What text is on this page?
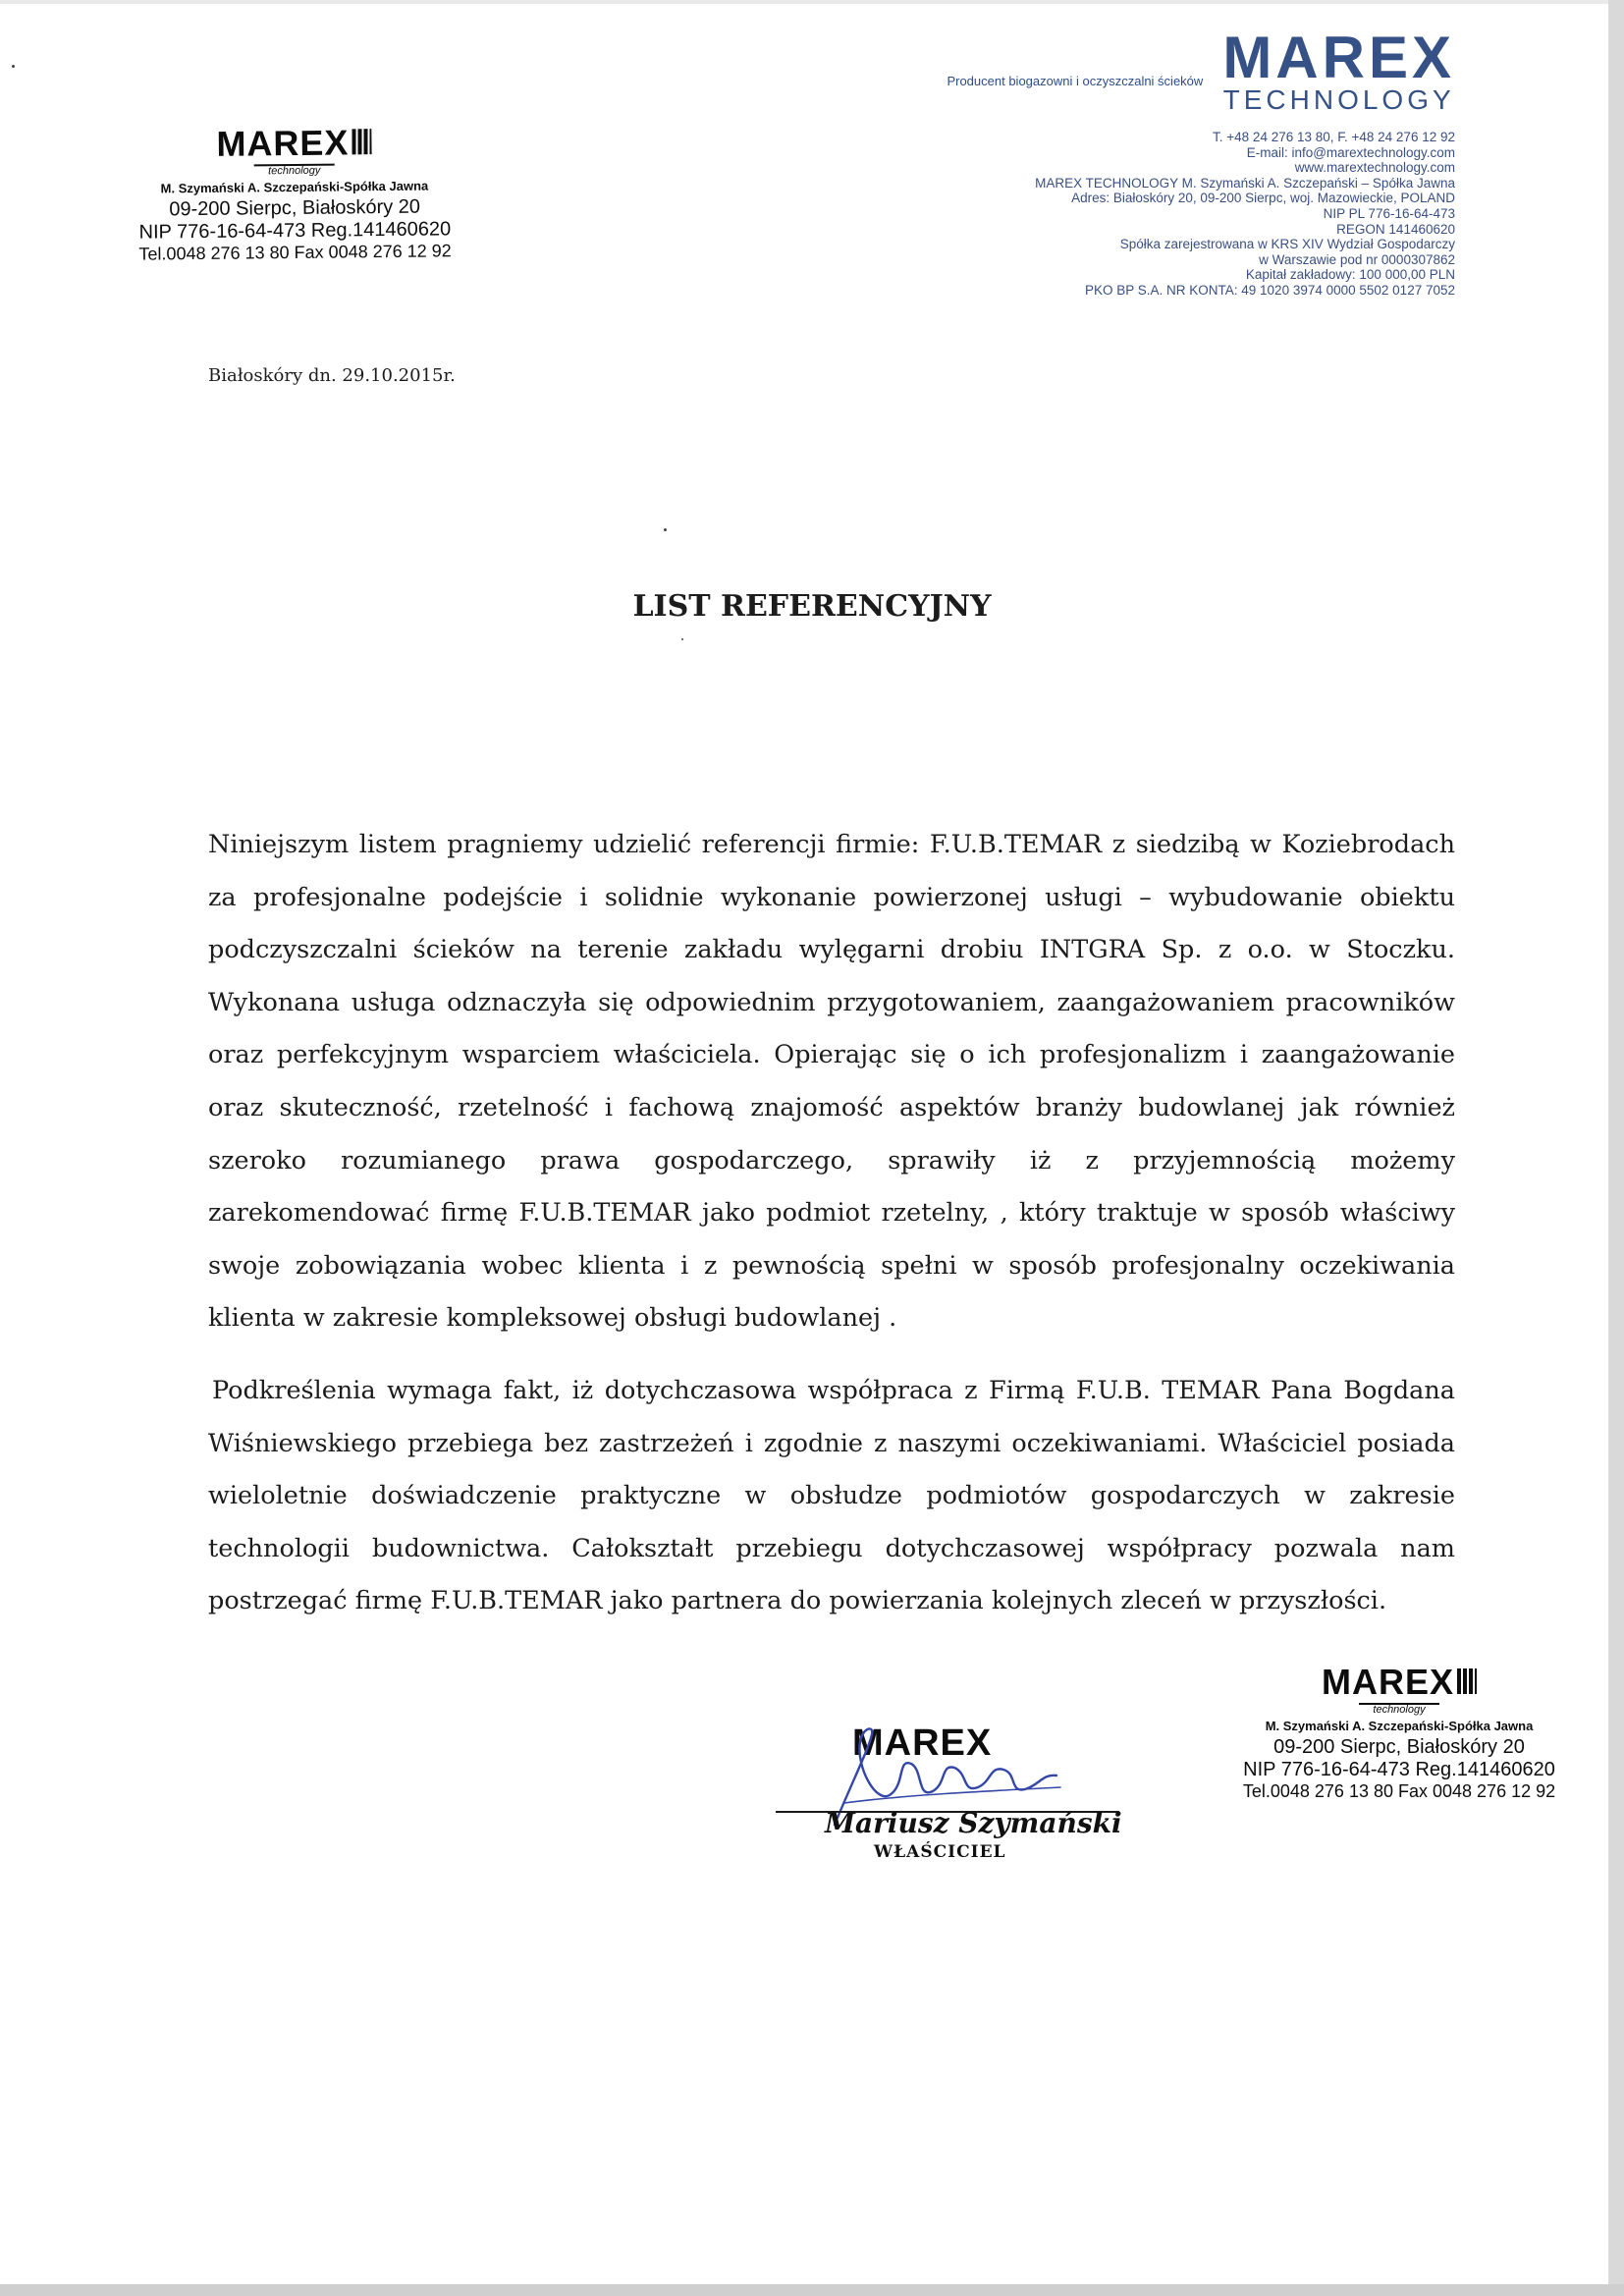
Producent biogazowni i oczyszczalni ścieków MAREX
TECHNOLOGY
T. +48 24 276 13 80, F. +48 24 276 12 92
E-mail: info@marextechnology.com
www.marextechnology.com
MAREX TECHNOLOGY M. Szymański A. Szczepański – Spółka Jawna
Adres: Białoskóry 20, 09-200 Sierpc, woj. Mazowieckie, POLAND
NIP PL 776-16-64-473
REGON 141460620
Spółka zarejestrowana w KRS XIV Wydział Gospodarczy
w Warszawie pod nr 0000307862
Kapitał zakładowy: 100 000,00 PLN
PKO BP S.A. NR KONTA: 49 1020 3974 0000 5502 0127 7052
MAREX
technology
M. Szymański A. Szczepański-Spółka Jawna
09-200 Sierpc, Białoskóry 20
NIP 776-16-64-473 Reg.141460620
Tel.0048 276 13 80 Fax 0048 276 12 92
Białoskóry dn. 29.10.2015r.
LIST REFERENCYJNY

Niniejszym listem pragniemy udzielić referencji firmie: F.U.B.TEMAR z siedzibą w Koziebrodach za profesjonalne podejście i solidnie wykonanie powierzonej usługi – wybudowanie obiektu podczyszczalni ścieków na terenie zakładu wylęgarni drobiu INTGRA Sp. z o.o. w Stoczku. Wykonana usługa odznaczyła się odpowiednim przygotowaniem, zaangażowaniem pracowników oraz perfekcyjnym wsparciem właściciela. Opierając się o ich profesjonalizm i zaangażowanie oraz skuteczność, rzetelność i fachową znajomość aspektów branży budowlanej jak również szeroko rozumianego prawa gospodarczego, sprawiły iż z przyjemnością możemy zarekomendować firmę F.U.B.TEMAR jako podmiot rzetelny, , który traktuje w sposób właściwy swoje zobowiązania wobec klienta i z pewnością spełni w sposób profesjonalny oczekiwania klienta w zakresie kompleksowej obsługi budowlanej .

Podkreślenia wymaga fakt, iż dotychczasowa współpraca z Firmą F.U.B. TEMAR Pana Bogdana Wiśniewskiego przebiega bez zastrzeżeń i zgodnie z naszymi oczekiwaniami. Właściciel posiada wieloletnie doświadczenie praktyczne w obsłudze podmiotów gospodarczych w zakresie technologii budownictwa. Całokształt przebiegu dotychczasowej współpracy pozwala nam postrzegać firmę F.U.B.TEMAR jako partnera do powierzania kolejnych zleceń w przyszłości.

MAREX
Mariusz Szymański
WŁAŚCICIEL
MAREX
technology
M. Szymański A. Szczepański-Spółka Jawna
09-200 Sierpc, Białoskóry 20
NIP 776-16-64-473 Reg.141460620
Tel.0048 276 13 80 Fax 0048 276 12 92
